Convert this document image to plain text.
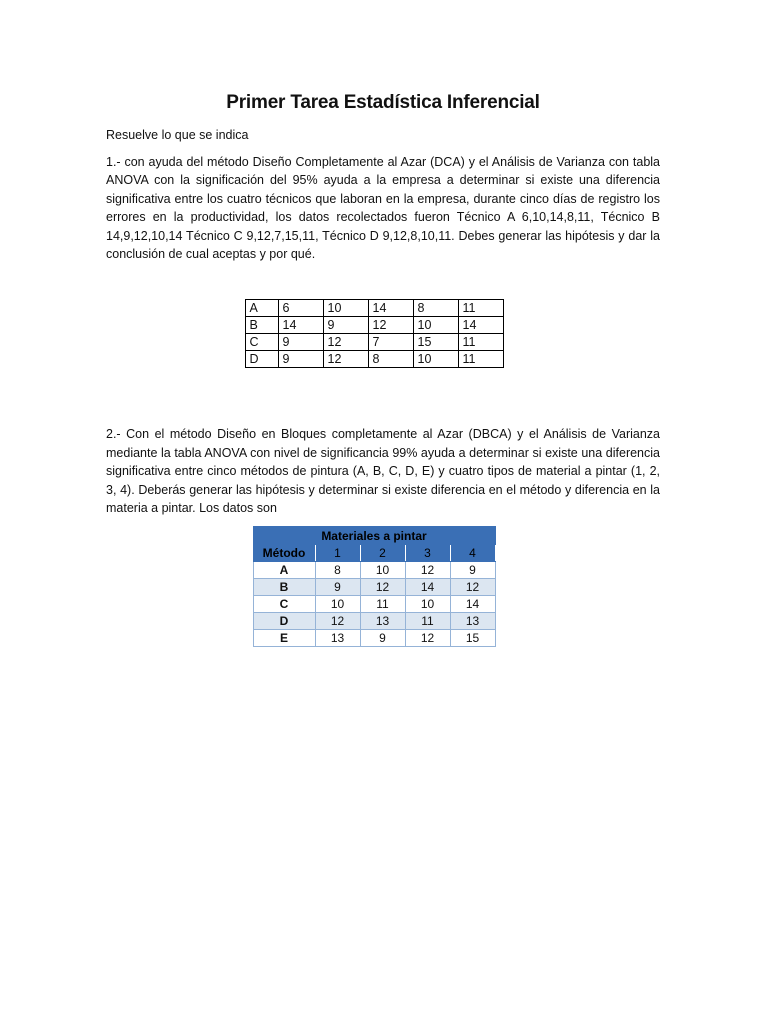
Primer Tarea Estadística Inferencial

Resuelve lo que se indica

1.- con ayuda del método Diseño Completamente al Azar (DCA) y el Análisis de Varianza con tabla ANOVA con la significación del 95% ayuda a la empresa a determinar si existe una diferencia significativa entre los cuatro técnicos que laboran en la empresa, durante cinco días de registro los errores en la productividad, los datos recolectados fueron Técnico A 6,10,14,8,11, Técnico B 14,9,12,10,14 Técnico C 9,12,7,15,11, Técnico D 9,12,8,10,11. Debes generar las hipótesis y dar la conclusión de cual aceptas y por qué.

A	6	10	14	8	11
B	14	9	12	10	14
C	9	12	7	15	11
D	9	12	8	10	11

2.- Con el método Diseño en Bloques completamente al Azar (DBCA) y el Análisis de Varianza mediante la tabla ANOVA con nivel de significancia 99% ayuda a determinar si existe una diferencia significativa entre cinco métodos de pintura (A, B, C, D, E) y cuatro tipos de material a pintar (1, 2, 3, 4). Deberás generar las hipótesis y determinar si existe diferencia en el método y diferencia en la materia a pintar. Los datos son

Materiales a pintar				
Método	1	2	3	4
A	8	10	12	9
B	9	12	14	12
C	10	11	10	14
D	12	13	11	13
E	13	9	12	15
